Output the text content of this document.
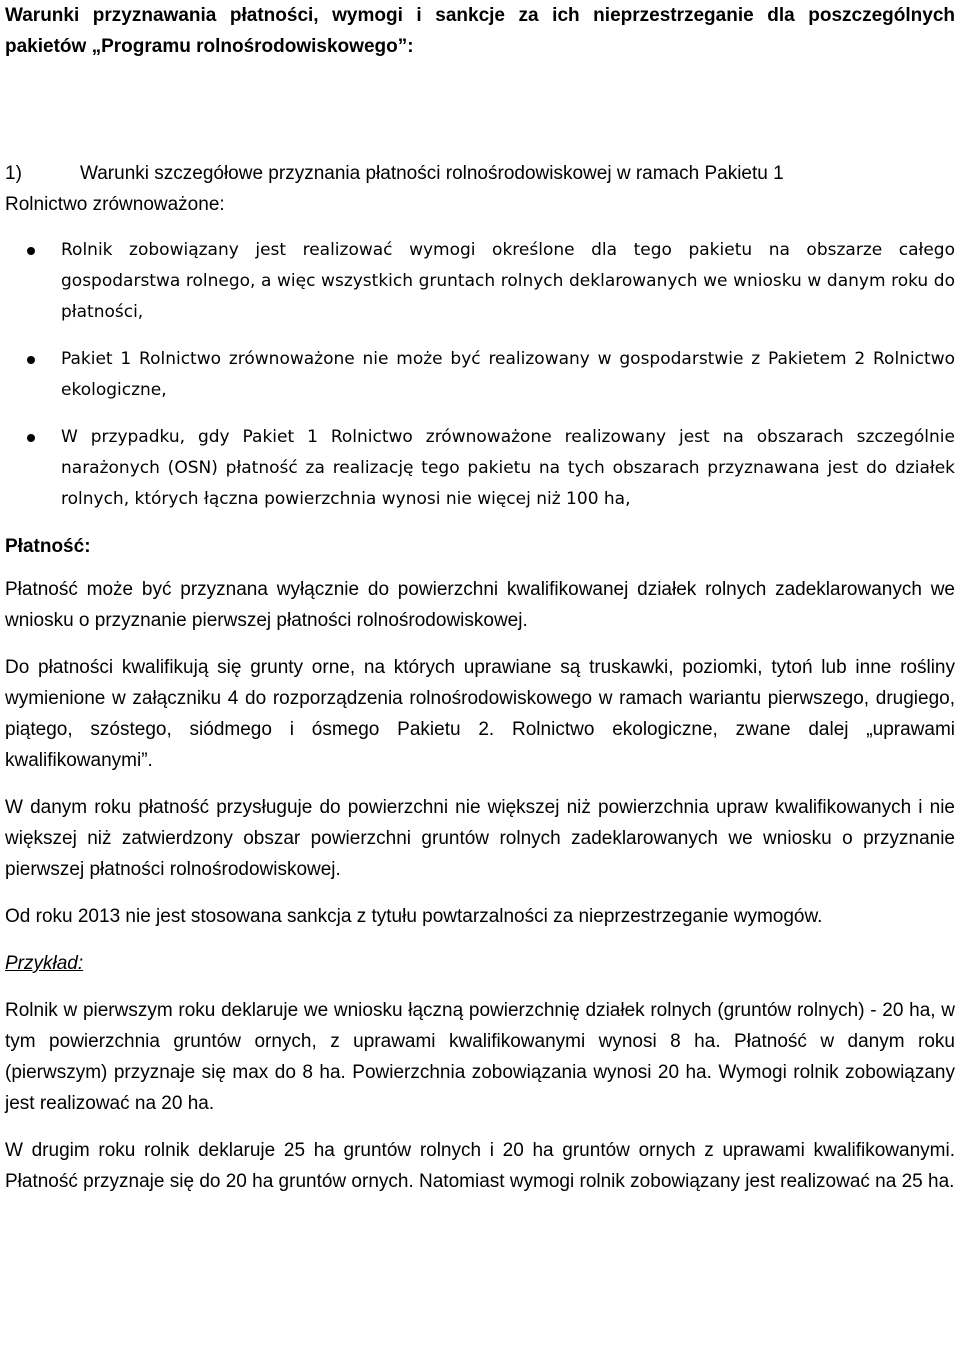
Warunki przyznawania płatności, wymogi i sankcje za ich nieprzestrzeganie dla poszczególnych pakietów „Programu rolnośrodowiskowego”:

1)	Warunki szczegółowe przyznania płatności rolnośrodowiskowej w ramach Pakietu 1
Rolnictwo zrównoważone:
Rolnik zobowiązany jest realizować wymogi określone dla tego pakietu na obszarze całego gospodarstwa rolnego, a więc wszystkich gruntach rolnych deklarowanych we wniosku w danym roku do płatności,
Pakiet 1 Rolnictwo zrównoważone nie może być realizowany w gospodarstwie z Pakietem 2 Rolnictwo ekologiczne,
W przypadku, gdy Pakiet 1 Rolnictwo zrównoważone realizowany jest na obszarach szczególnie narażonych (OSN) płatność za realizację tego pakietu na tych obszarach przyznawana jest do działek rolnych, których łączna powierzchnia wynosi nie więcej niż 100 ha,

Płatność:

Płatność może być przyznana wyłącznie do powierzchni kwalifikowanej działek rolnych zadeklarowanych we wniosku o przyznanie pierwszej płatności rolnośrodowiskowej.

Do płatności kwalifikują się grunty orne, na których uprawiane są truskawki, poziomki, tytoń lub inne rośliny wymienione w załączniku 4 do rozporządzenia rolnośrodowiskowego w ramach wariantu pierwszego, drugiego, piątego, szóstego, siódmego i ósmego Pakietu 2. Rolnictwo ekologiczne, zwane dalej „uprawami kwalifikowanymi”.

W danym roku płatność przysługuje do powierzchni nie większej niż powierzchnia upraw kwalifikowanych i nie większej niż zatwierdzony obszar powierzchni gruntów rolnych zadeklarowanych we wniosku o przyznanie pierwszej płatności rolnośrodowiskowej.

Od roku 2013 nie jest stosowana sankcja z tytułu powtarzalności za nieprzestrzeganie wymogów.

Przykład:

Rolnik w pierwszym roku deklaruje we wniosku łączną powierzchnię działek rolnych (gruntów rolnych) - 20 ha, w tym powierzchnia gruntów ornych, z uprawami kwalifikowanymi wynosi 8 ha. Płatność w danym roku (pierwszym) przyznaje się max do 8 ha. Powierzchnia zobowiązania wynosi 20 ha. Wymogi rolnik zobowiązany jest realizować na 20 ha.

W drugim roku rolnik deklaruje 25 ha gruntów rolnych i 20 ha gruntów ornych z uprawami kwalifikowanymi. Płatność przyznaje się do 20 ha gruntów ornych. Natomiast wymogi rolnik zobowiązany jest realizować na 25 ha.
